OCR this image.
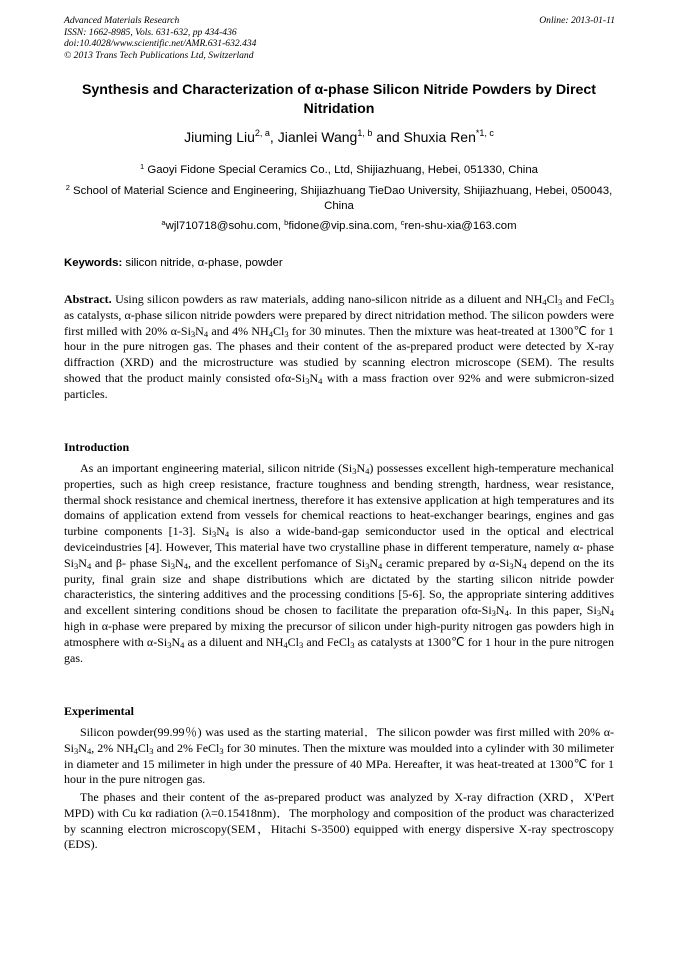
Advanced Materials Research
ISSN: 1662-8985, Vols. 631-632, pp 434-436
doi:10.4028/www.scientific.net/AMR.631-632.434
© 2013 Trans Tech Publications Ltd, Switzerland
Online: 2013-01-11
Synthesis and Characterization of α-phase Silicon Nitride Powders by Direct Nitridation
Jiuming Liu$^{2, a}$, Jianlei Wang$^{1, b}$ and Shuxia Ren$^{*1, c}$
$^1$ Gaoyi Fidone Special Ceramics Co., Ltd, Shijiazhuang, Hebei, 051330, China
$^2$ School of Material Science and Engineering, Shijiazhuang TieDao University, Shijiazhuang, Hebei, 050043, China
$^a$wjl710718@sohu.com, $^b$fidone@vip.sina.com, $^c$ren-shu-xia@163.com
Keywords: silicon nitride, α-phase, powder
Abstract. Using silicon powders as raw materials, adding nano-silicon nitride as a diluent and $NH_4Cl_3$ and FeCl$_3$ as catalysts, α-phase silicon nitride powders were prepared by direct nitridation method. The silicon powders were first milled with 20% $\alpha-Si_3N_4$ and 4% $NH_4Cl_3$ for 30 minutes. Then the mixture was heat-treated at 1300℃ for 1 hour in the pure nitrogen gas. The phases and their content of the as-prepared product were detected by X-ray diffraction (XRD) and the microstructure was studied by scanning electron microscope (SEM). The results showed that the product mainly consisted ofα-$Si_3N_4$ with a mass fraction over 92% and were submicron-sized particles.
Introduction

As an important engineering material, silicon nitride $(Si_3N_4)$ possesses excellent high-temperature mechanical properties, such as high creep resistance, fracture toughness and bending strength, hardness, wear resistance, thermal shock resistance and chemical inertness, therefore it has extensive application at high temperatures and its domains of application extend from vessels for chemical reactions to heat-exchanger bearings, engines and gas turbine components [1-3]. $Si_3N_4$ is also a wide-band-gap semiconductor used in the optical and electrical deviceindustries [4]. However, This material have two crystalline phase in different temperature, namely α- phase $Si_3N_4$ and β- phase $Si_3N_4$, and the excellent perfomance of $Si_3N_4$ ceramic prepared by $\alpha-Si_3N_4$ depend on the its purity, final grain size and shape distributions which are dictated by the starting silicon nitride powder characteristics, the sintering additives and the processing conditions [5-6]. So, the appropriate sintering additives and excellent sintering conditions shoud be chosen to facilitate the preparation ofα-$Si_3N_4$. In this paper, $Si_3N_4$ high in α-phase were prepared by mixing the precursor of silicon under high-purity nitrogen gas powders high in atmosphere with $\alpha-Si_3N_4$ as a diluent and $NH_4Cl_3$ and FeCl$_3$ as catalysts at 1300℃ for 1 hour in the pure nitrogen gas.

Experimental

Silicon powder(99.99％) was used as the starting material．The silicon powder was first milled with 20% $\alpha-Si_3N_4$, 2% $NH_4Cl_3$ and 2% FeCl$_3$ for 30 minutes. Then the mixture was moulded into a cylinder with 30 milimeter in diameter and 15 milimeter in high under the pressure of 40 MPa. Hereafter, it was heat-treated at 1300℃ for 1 hour in the pure nitrogen gas.

The phases and their content of the as-prepared product was analyzed by X-ray difraction (XRD，X'Pert MPD) with Cu kα radiation (λ=0.15418nm)．The morphology and composition of the product was characterized by scanning electron microscopy(SEM，Hitachi S-3500) equipped with energy dispersive X-ray spectroscopy (EDS).
